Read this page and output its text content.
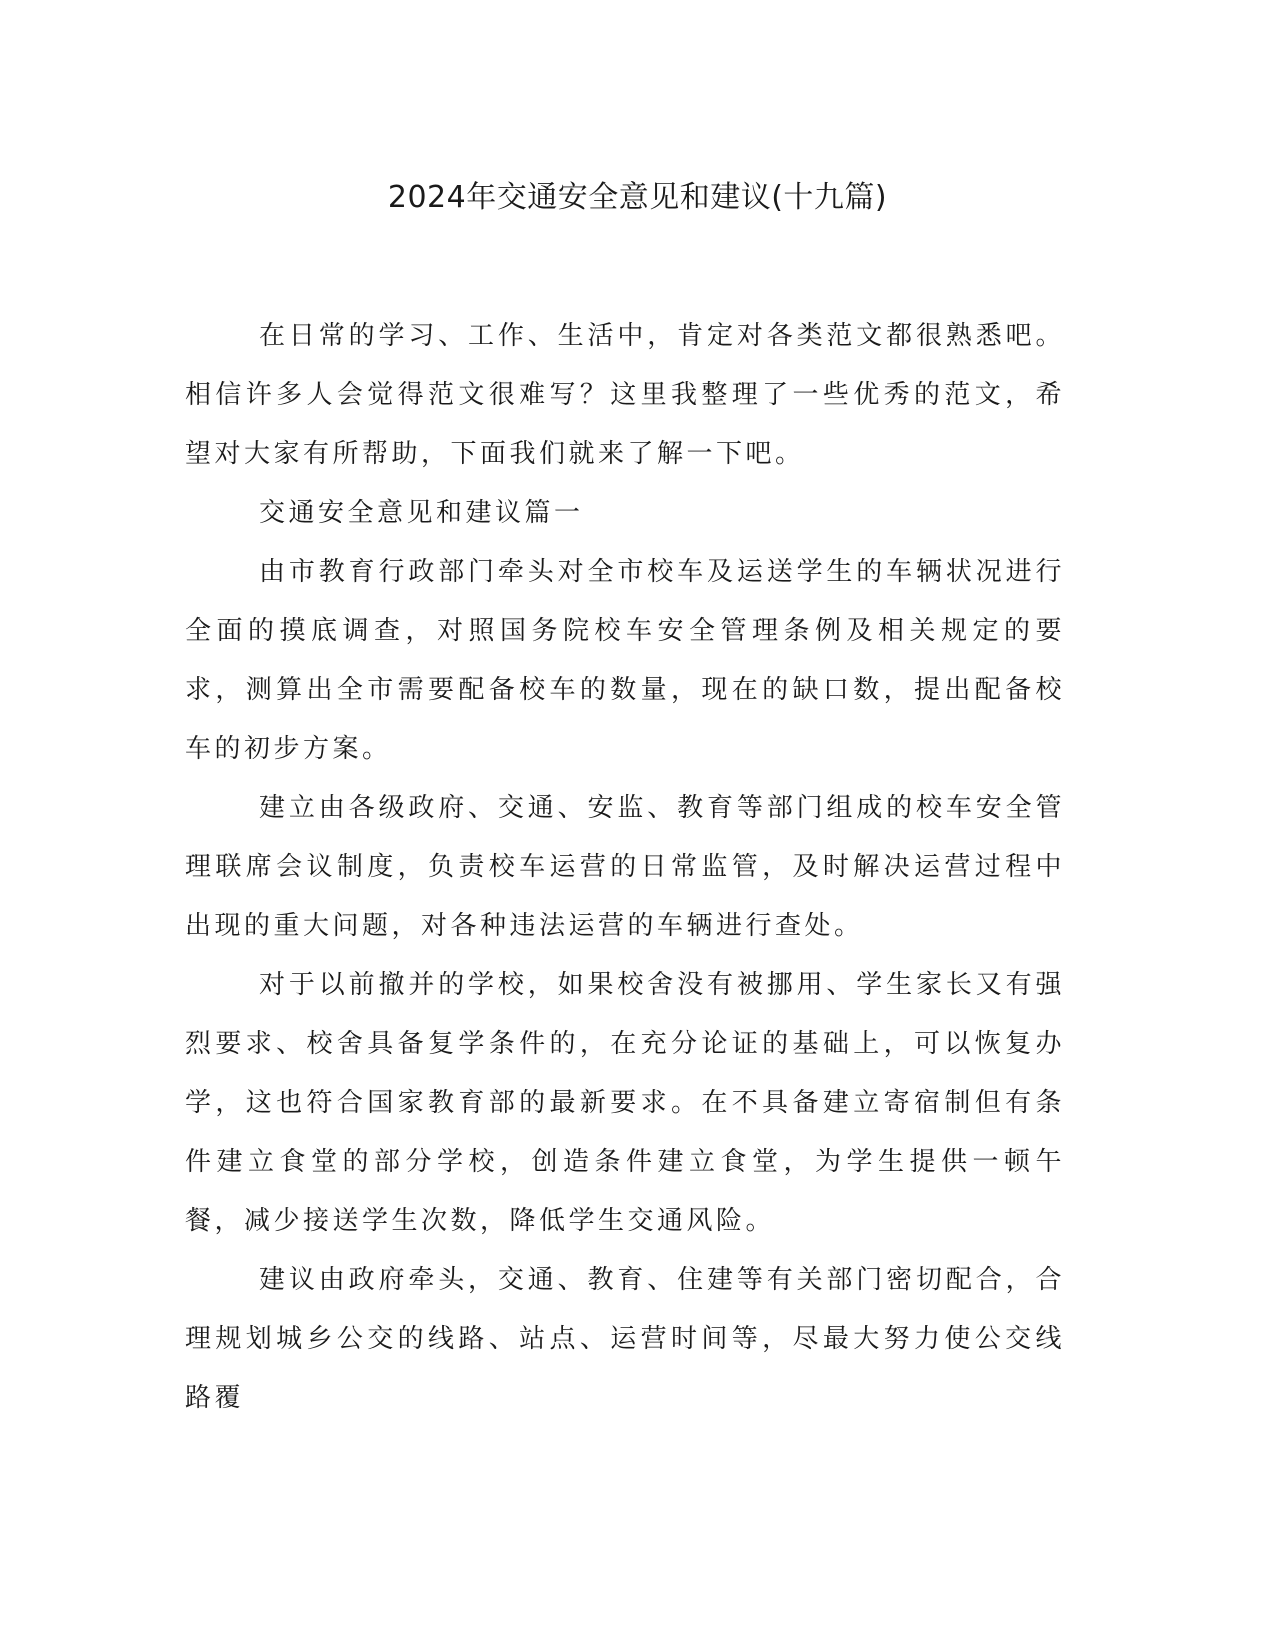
2024年交通安全意见和建议(十九篇)

在日常的学习、工作、生活中，肯定对各类范文都很熟悉吧。相信许多人会觉得范文很难写？这里我整理了一些优秀的范文，希望对大家有所帮助，下面我们就来了解一下吧。

交通安全意见和建议篇一

由市教育行政部门牵头对全市校车及运送学生的车辆状况进行全面的摸底调查，对照国务院校车安全管理条例及相关规定的要求，测算出全市需要配备校车的数量，现在的缺口数，提出配备校车的初步方案。

建立由各级政府、交通、安监、教育等部门组成的校车安全管理联席会议制度，负责校车运营的日常监管，及时解决运营过程中出现的重大问题，对各种违法运营的车辆进行查处。

对于以前撤并的学校，如果校舍没有被挪用、学生家长又有强烈要求、校舍具备复学条件的，在充分论证的基础上，可以恢复办学，这也符合国家教育部的最新要求。在不具备建立寄宿制但有条件建立食堂的部分学校，创造条件建立食堂，为学生提供一顿午餐，减少接送学生次数，降低学生交通风险。

建议由政府牵头，交通、教育、住建等有关部门密切配合，合理规划城乡公交的线路、站点、运营时间等，尽最大努力使公交线路覆
